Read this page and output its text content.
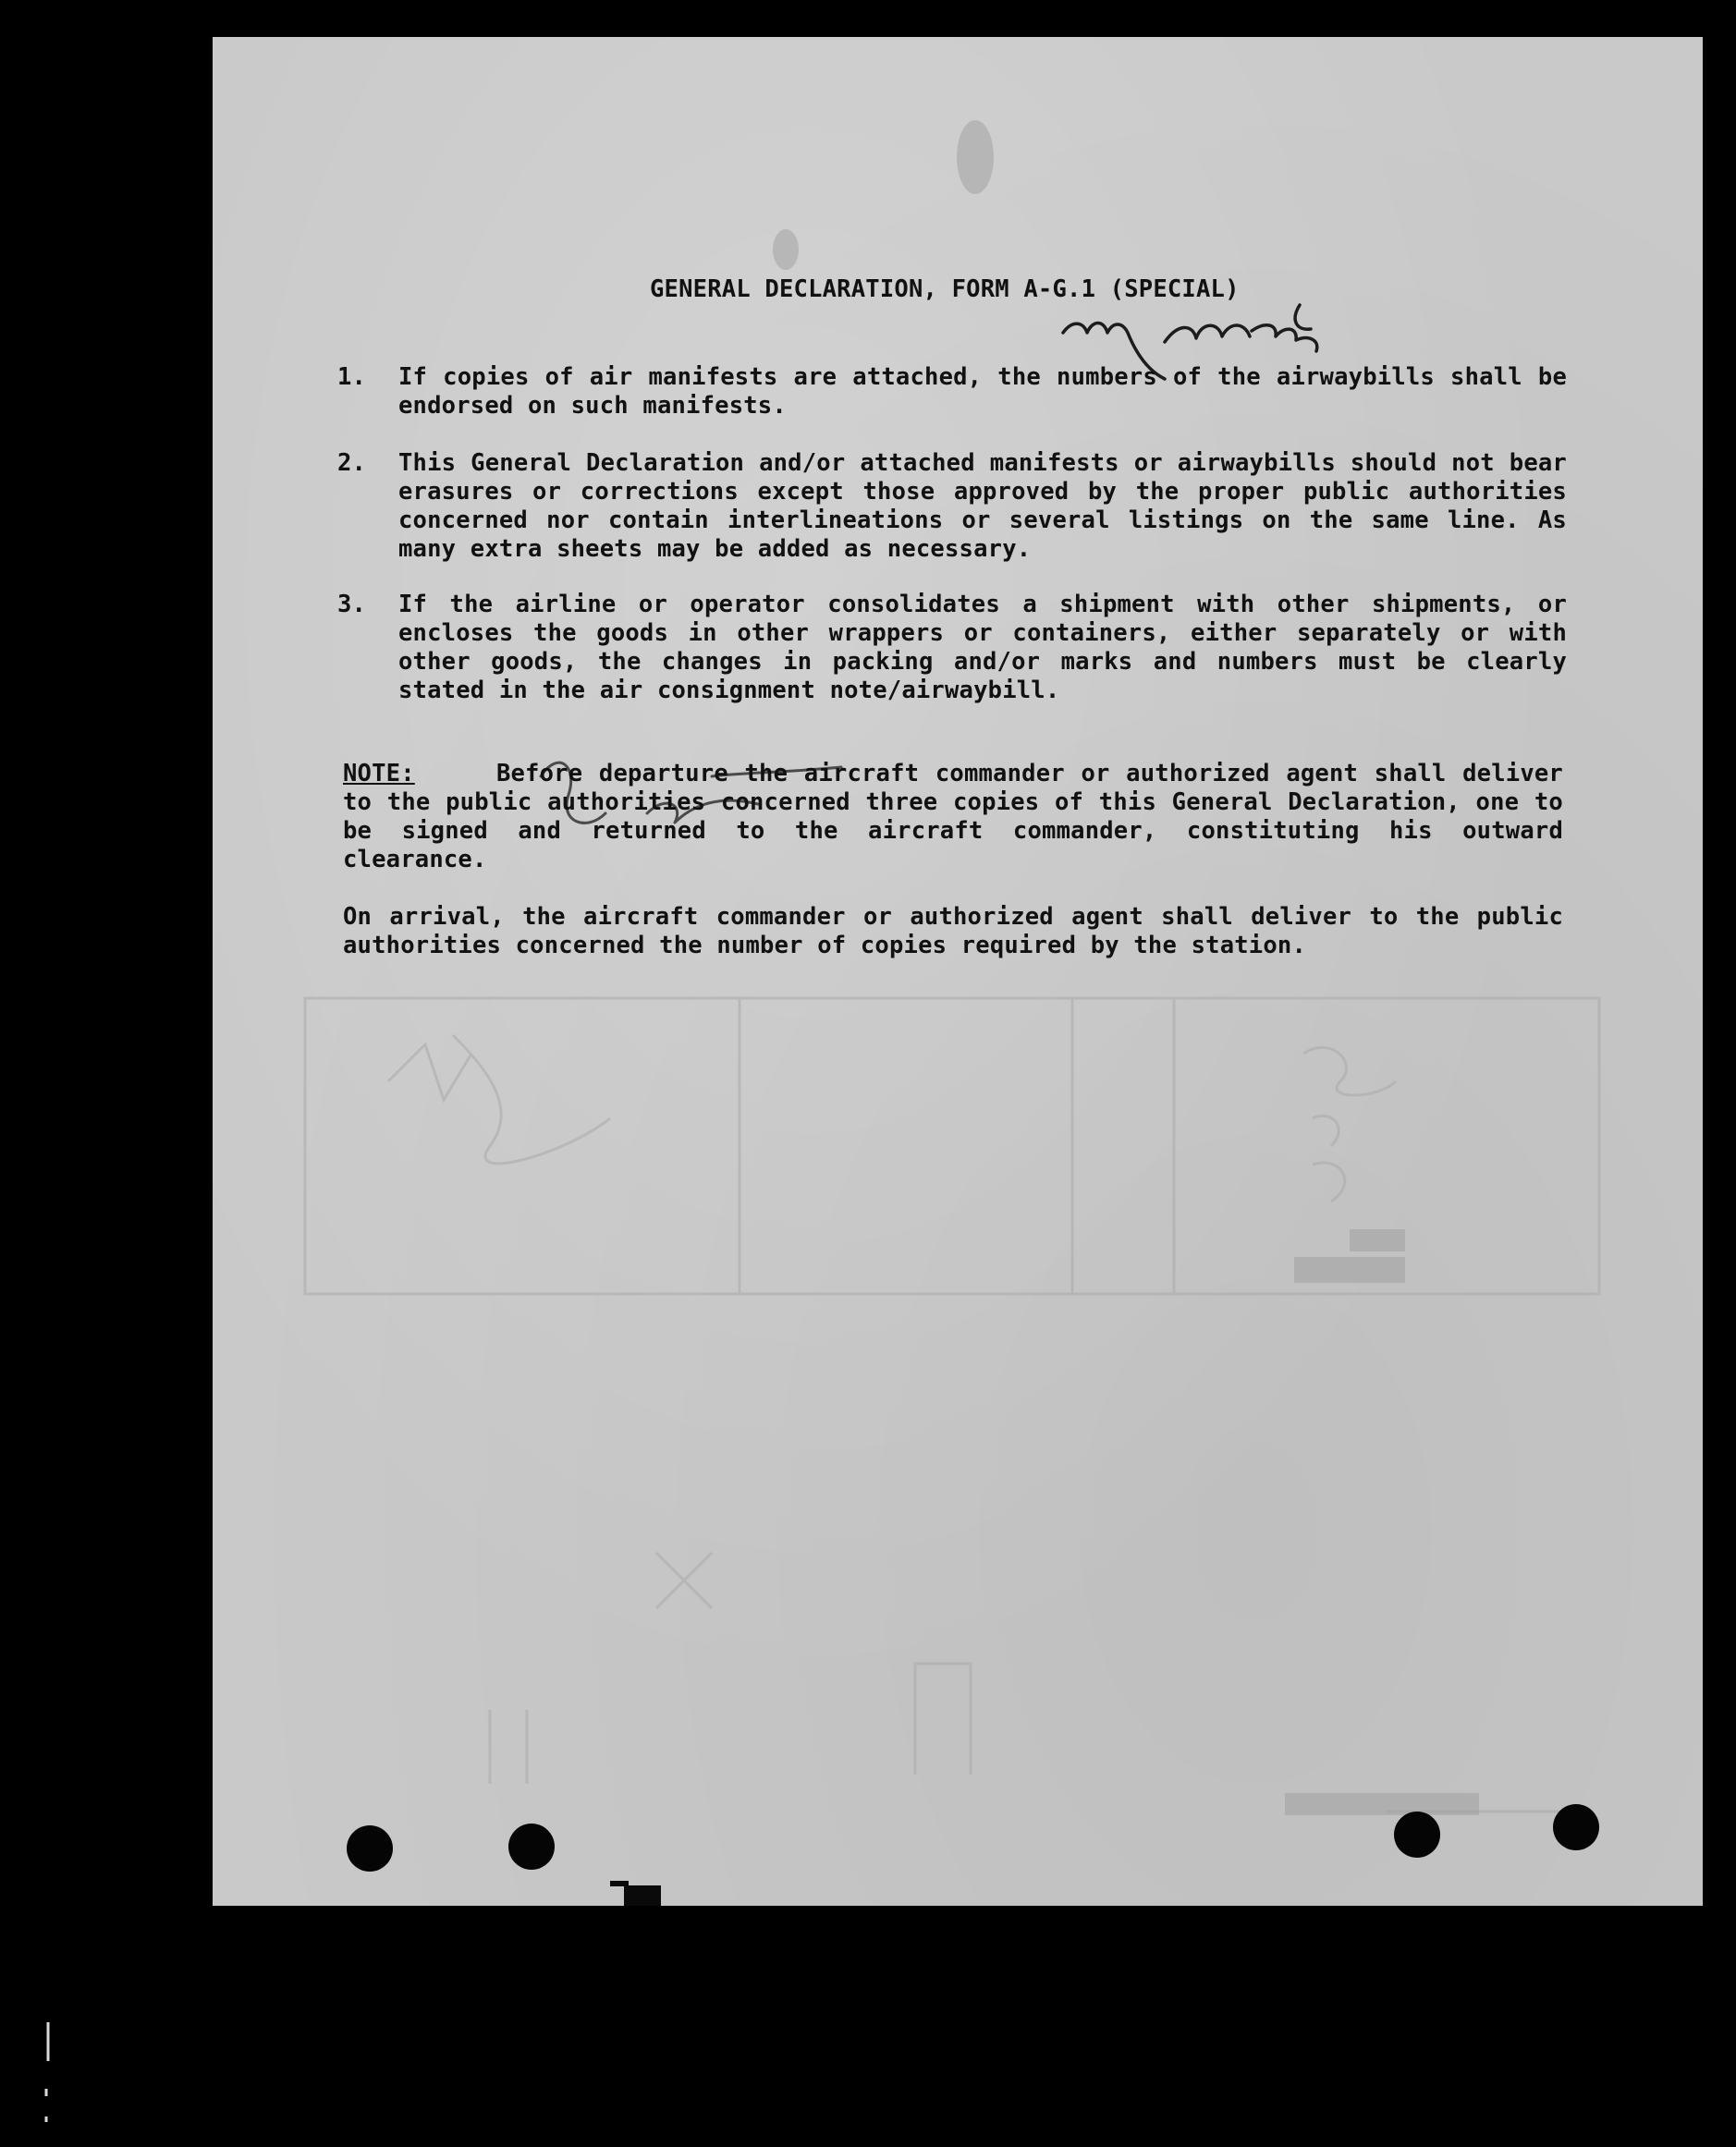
GENERAL DECLARATION, FORM A-G.1 (SPECIAL)
1.	If copies of air manifests are attached, the numbers of the airwaybills shall be endorsed on such manifests.
2.	This General Declaration and/or attached manifests or airwaybills should not bear erasures or corrections except those approved by the proper public authorities concerned nor contain interlineations or several listings on the same line. As many extra sheets may be added as necessary.
3.	If the airline or operator consolidates a shipment with other shipments, or encloses the goods in other wrappers or containers, either separately or with other goods, the changes in packing and/or marks and numbers must be clearly stated in the air consignment note/airwaybill.
NOTE:	Before departure the aircraft commander or authorized agent shall deliver to the public authorities concerned three copies of this General Declaration, one to be signed and returned to the aircraft commander, constituting his outward clearance.
On arrival, the aircraft commander or authorized agent shall deliver to the public authorities concerned the number of copies required by the station.
